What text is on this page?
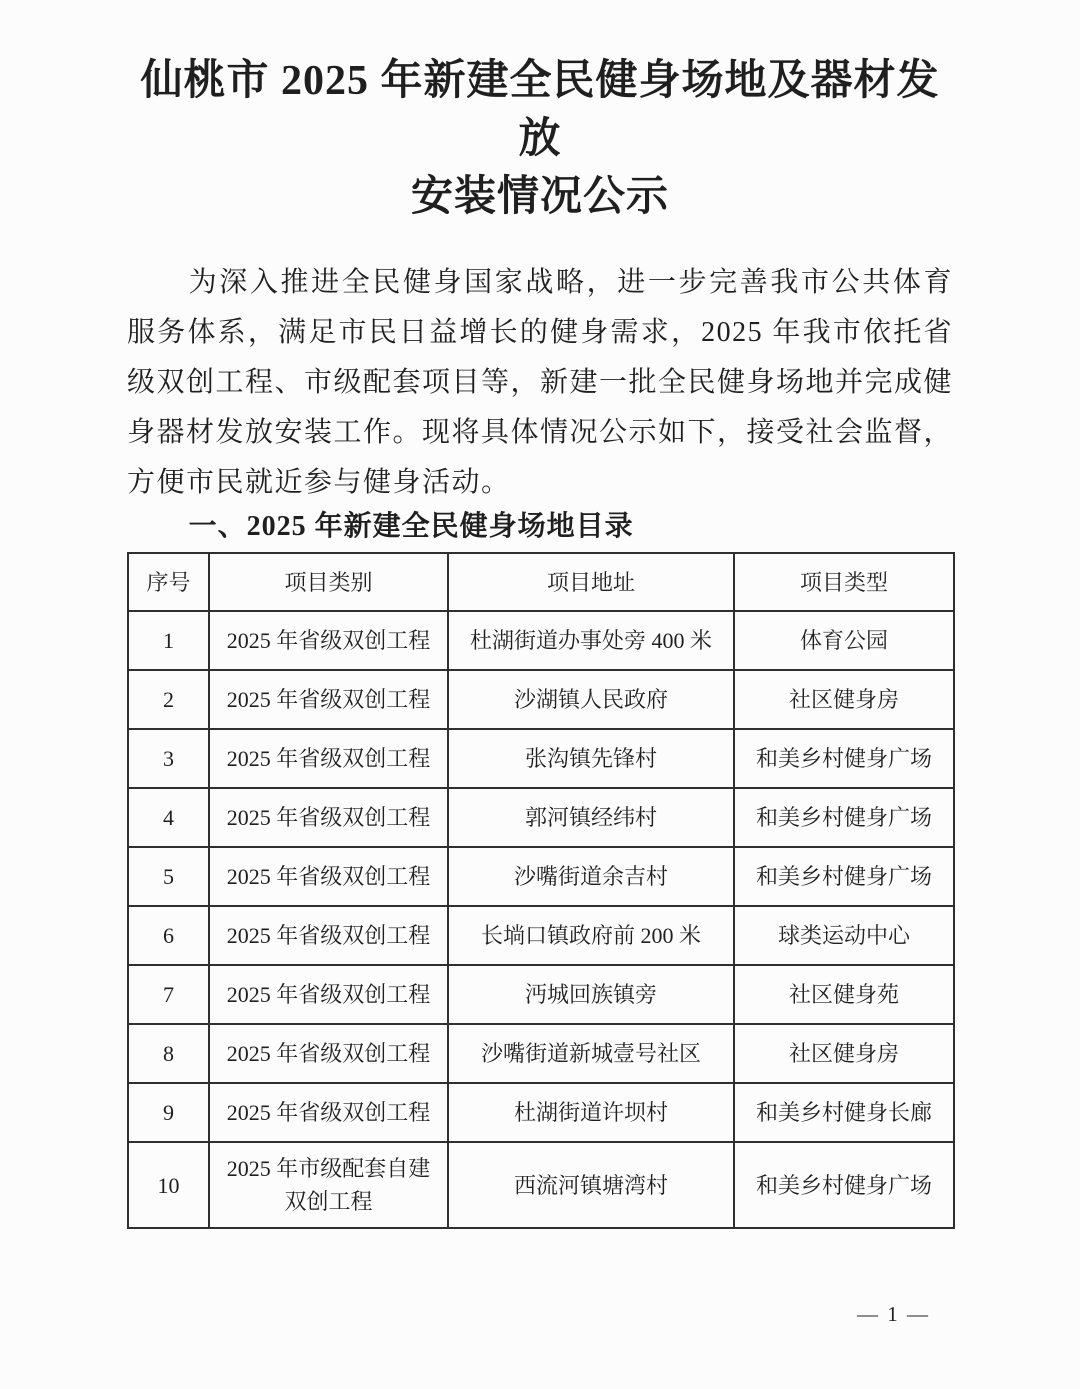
仙桃市 2025 年新建全民健身场地及器材发放
安装情况公示

为深入推进全民健身国家战略，进一步完善我市公共体育服务体系，满足市民日益增长的健身需求，2025 年我市依托省级双创工程、市级配套项目等，新建一批全民健身场地并完成健身器材发放安装工作。现将具体情况公示如下，接受社会监督，方便市民就近参与健身活动。

一、2025 年新建全民健身场地目录
序号	项目类别	项目地址	项目类型
1	2025 年省级双创工程	杜湖街道办事处旁 400 米	体育公园
2	2025 年省级双创工程	沙湖镇人民政府	社区健身房
3	2025 年省级双创工程	张沟镇先锋村	和美乡村健身广场
4	2025 年省级双创工程	郭河镇经纬村	和美乡村健身广场
5	2025 年省级双创工程	沙嘴街道余吉村	和美乡村健身广场
6	2025 年省级双创工程	长埫口镇政府前 200 米	球类运动中心
7	2025 年省级双创工程	沔城回族镇旁	社区健身苑
8	2025 年省级双创工程	沙嘴街道新城壹号社区	社区健身房
9	2025 年省级双创工程	杜湖街道许坝村	和美乡村健身长廊
10	2025 年市级配套自建双创工程	西流河镇塘湾村	和美乡村健身广场
— 1 —
